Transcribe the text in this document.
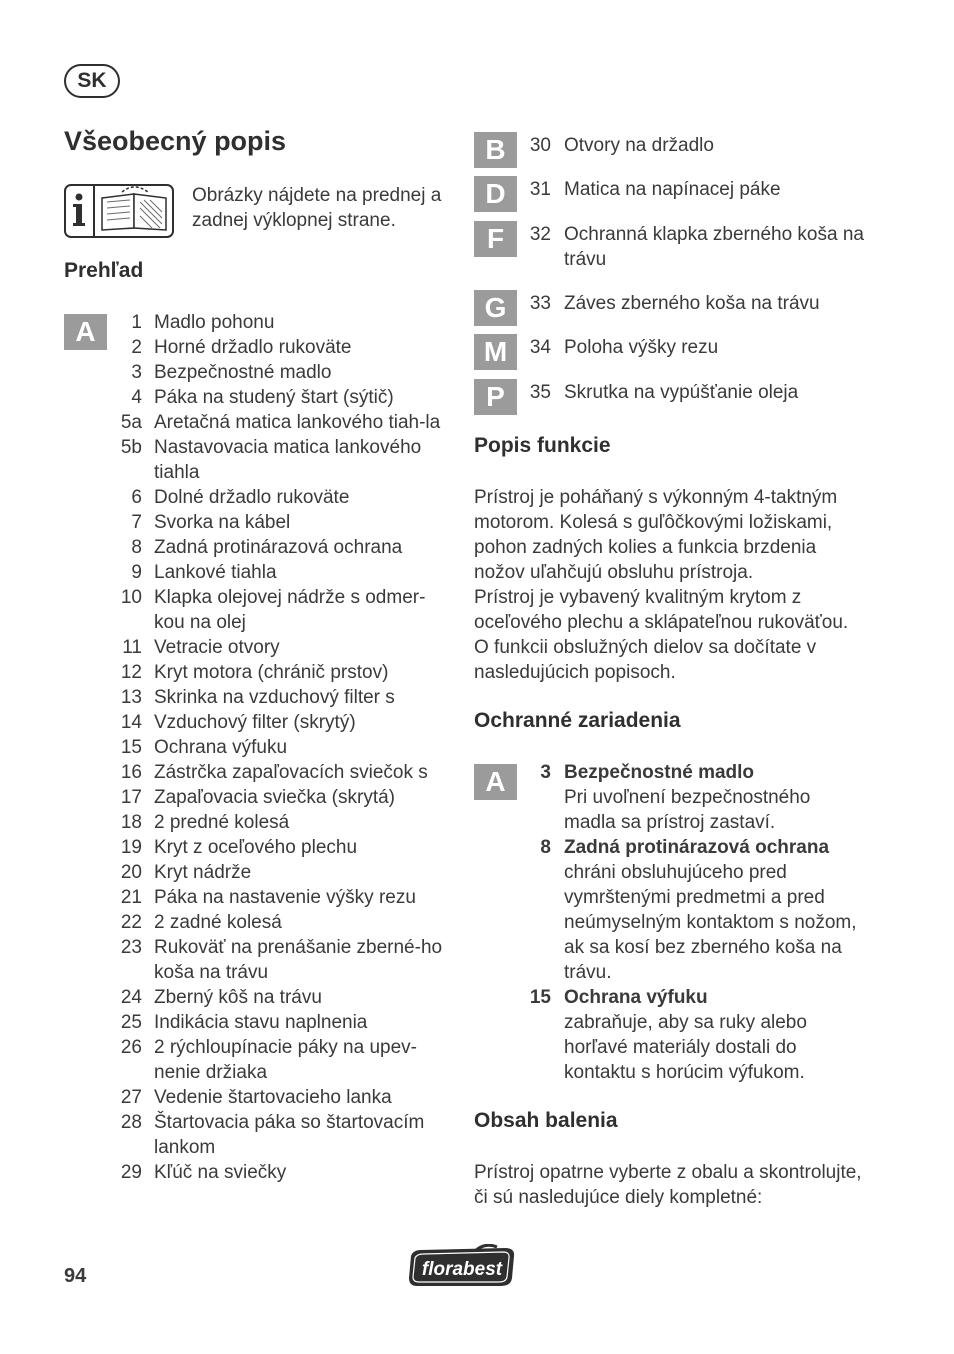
SK
Všeobecný popis
Obrázky nájdete na prednej a zadnej výklopnej strane.
Prehľad
A	1 Madlo pohonu
2 Horné držadlo rukoväte
3 Bezpečnostné madlo
4 Páka na studený štart (sýtič)
5a Aretačná matica lankového tiah-la
5b Nastavovacia matica lankového tiahla
6 Dolné držadlo rukoväte
7 Svorka na kábel
8 Zadná protinárazová ochrana
9 Lankové tiahla
10 Klapka olejovej nádrže s odmer-kou na olej
11 Vetracie otvory
12 Kryt motora (chránič prstov)
13 Skrinka na vzduchový filter s
14 Vzduchový filter (skrytý)
15 Ochrana výfuku
16 Zástrčka zapaľovacích sviečok s
17 Zapaľovacia sviečka (skrytá)
18 2 predné kolesá
19 Kryt z oceľového plechu
20 Kryt nádrže
21 Páka na nastavenie výšky rezu
22 2 zadné kolesá
23 Rukoväť na prenášanie zberné-ho koša na trávu
24 Zberný kôš na trávu
25 Indikácia stavu naplnenia
26 2 rýchloupínacie páky na upev-nenie držiaka
27 Vedenie štartovacieho lanka
28 Štartovacia páka so štartovacím lankom
29 Kľúč na sviečky
B	30 Otvory na držadlo
D	31 Matica na napínacej páke
F	32 Ochranná klapka zberného koša na trávu
G	33 Záves zberného koša na trávu
M	34 Poloha výšky rezu
P	35 Skrutka na vypúšťanie oleja
Popis funkcie
Prístroj je poháňaný s výkonným 4-taktným motorom. Kolesá s guľôčkovými ložiskami, pohon zadných kolies a funkcia brzdenia nožov uľahčujú obsluhu prístroja.
Prístroj je vybavený kvalitným krytom z oceľového plechu a sklápateľnou rukoväťou. O funkcii obslužných dielov sa dočítate v nasledujúcich popisoch.
Ochranné zariadenia
A	3 Bezpečnostné madlo
Pri uvoľnení bezpečnostného madla sa prístroj zastaví.
8 Zadná protinárazová ochrana
chráni obsluhujúceho pred vymrštenými predmetmi a pred neúmyselným kontaktom s nožom, ak sa kosí bez zberného koša na trávu.
15 Ochrana výfuku
zabraňuje, aby sa ruky alebo horľavé materiály dostali do kontaktu s horúcim výfukom.
Obsah balenia
Prístroj opatrne vyberte z obalu a skontrolujte, či sú nasledujúce diely kompletné:
94	florabest
